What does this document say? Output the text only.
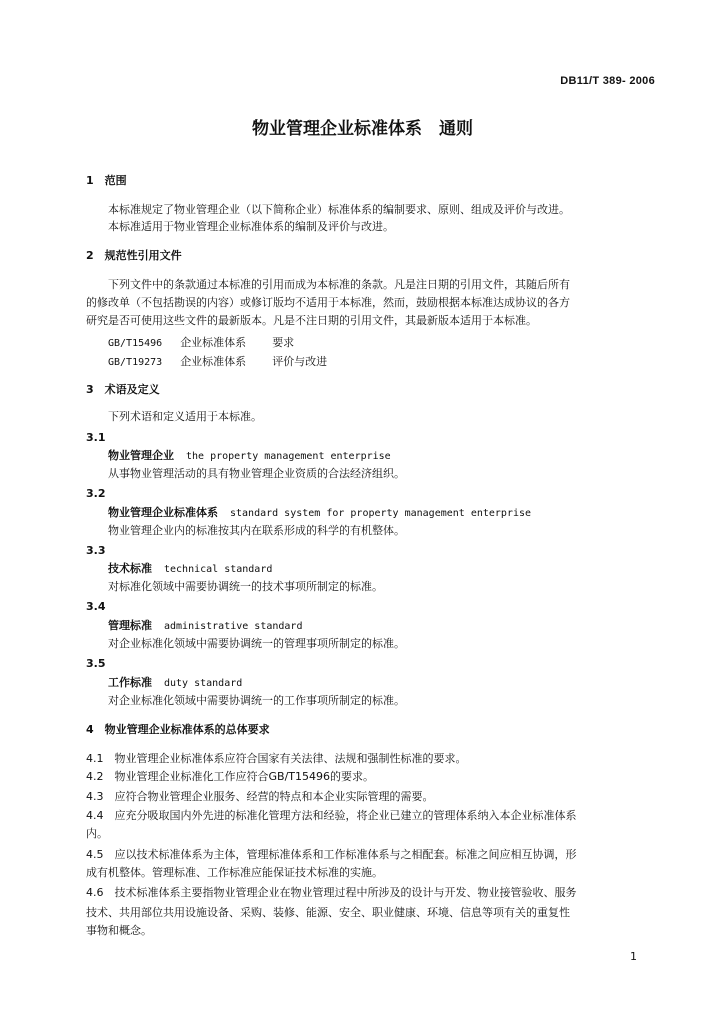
DB11/T 389- 2006
物业管理企业标准体系　通则
1　范围
本标准规定了物业管理企业（以下简称企业）标准体系的编制要求、原则、组成及评价与改进。
本标准适用于物业管理企业标准体系的编制及评价与改进。
2　规范性引用文件
下列文件中的条款通过本标准的引用而成为本标准的条款。凡是注日期的引用文件，其随后所有
的修改单（不包括勘误的内容）或修订版均不适用于本标准，然而，鼓励根据本标准达成协议的各方
研究是否可使用这些文件的最新版本。凡是不注日期的引用文件，其最新版本适用于本标准。
GB/T15496 企业标准体系 要求
GB/T19273 企业标准体系 评价与改进
3　术语及定义
下列术语和定义适用于本标准。
3.1
物业管理企业 the property management enterprise
从事物业管理活动的具有物业管理企业资质的合法经济组织。
3.2
物业管理企业标准体系 standard system for property management enterprise
物业管理企业内的标准按其内在联系形成的科学的有机整体。
3.3
技术标准 technical standard
对标准化领域中需要协调统一的技术事项所制定的标准。
3.4
管理标准 administrative standard
对企业标准化领域中需要协调统一的管理事项所制定的标准。
3.5
工作标准 duty standard
对企业标准化领域中需要协调统一的工作事项所制定的标准。
4　物业管理企业标准体系的总体要求
4.1　物业管理企业标准体系应符合国家有关法律、法规和强制性标准的要求。
4.2　物业管理企业标准化工作应符合GB/T15496的要求。
4.3　应符合物业管理企业服务、经营的特点和本企业实际管理的需要。
4.4　应充分吸取国内外先进的标准化管理方法和经验，将企业已建立的管理体系纳入本企业标准体系
内。
4.5　应以技术标准体系为主体，管理标准体系和工作标准体系与之相配套。标准之间应相互协调，形
成有机整体。管理标准、工作标准应能保证技术标准的实施。
4.6　技术标准体系主要指物业管理企业在物业管理过程中所涉及的设计与开发、物业接管验收、服务
技术、共用部位共用设施设备、采购、装修、能源、安全、职业健康、环境、信息等项有关的重复性
事物和概念。
1
